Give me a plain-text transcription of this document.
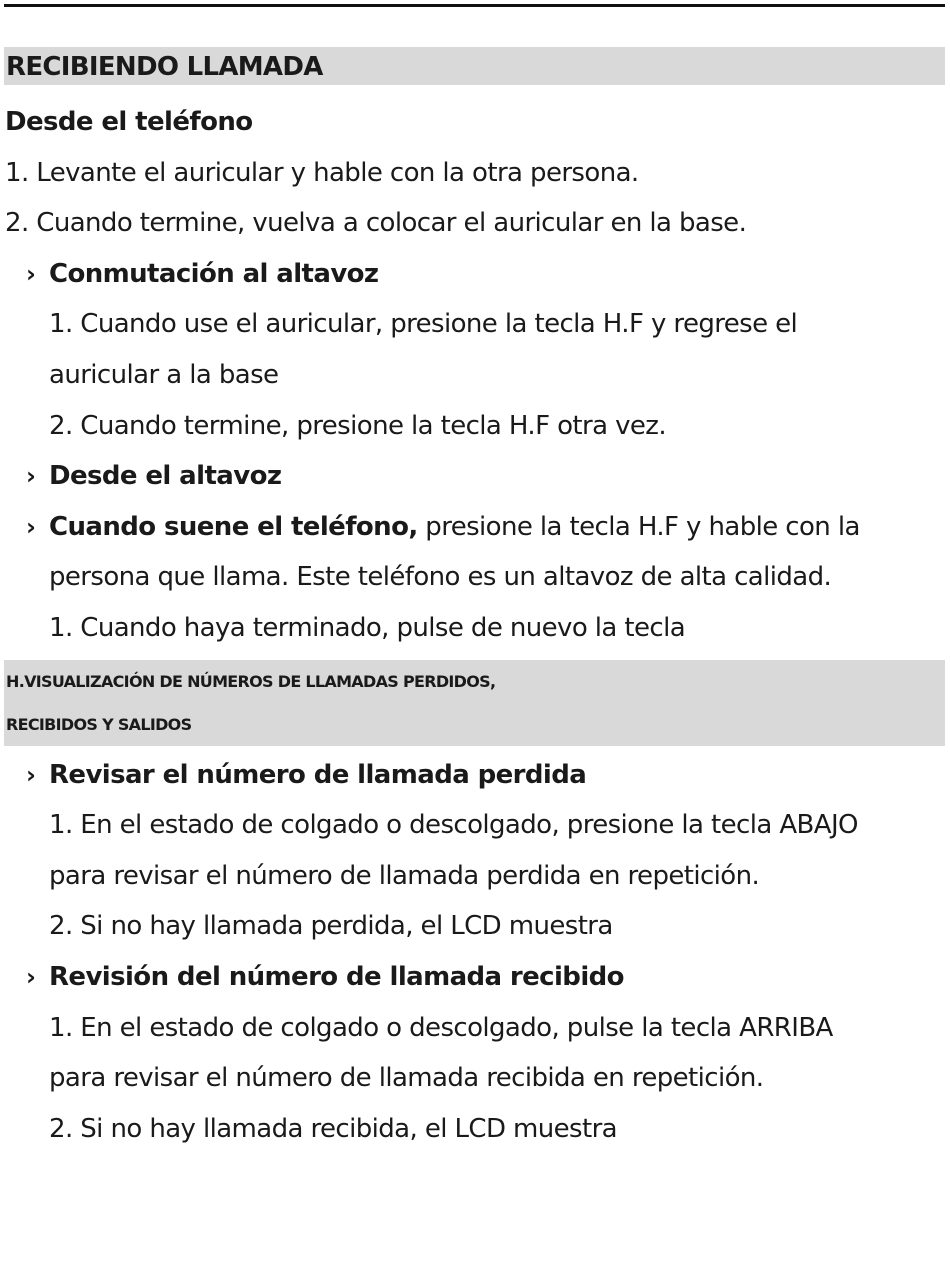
RECIBIENDO LLAMADA
Desde el teléfono
1. Levante el auricular y hable con la otra persona.
2. Cuando termine, vuelva a colocar el auricular en la base.
› Conmutación al altavoz
1. Cuando use el auricular, presione la tecla H.F y regrese el
auricular a la base
2. Cuando termine, presione la tecla H.F otra vez.
› Desde el altavoz
› Cuando suene el teléfono, presione la tecla H.F y hable con la
persona que llama. Este teléfono es un altavoz de alta calidad.
1. Cuando haya terminado, pulse de nuevo la tecla
H.VISUALIZACIÓN DE NÚMEROS DE LLAMADAS PERDIDOS,
RECIBIDOS Y SALIDOS
› Revisar el número de llamada perdida
1. En el estado de colgado o descolgado, presione la tecla ABAJO
para revisar el número de llamada perdida en repetición.
2. Si no hay llamada perdida, el LCD muestra
› Revisión del número de llamada recibido
1. En el estado de colgado o descolgado, pulse la tecla ARRIBA
para revisar el número de llamada recibida en repetición.
2. Si no hay llamada recibida, el LCD muestra
